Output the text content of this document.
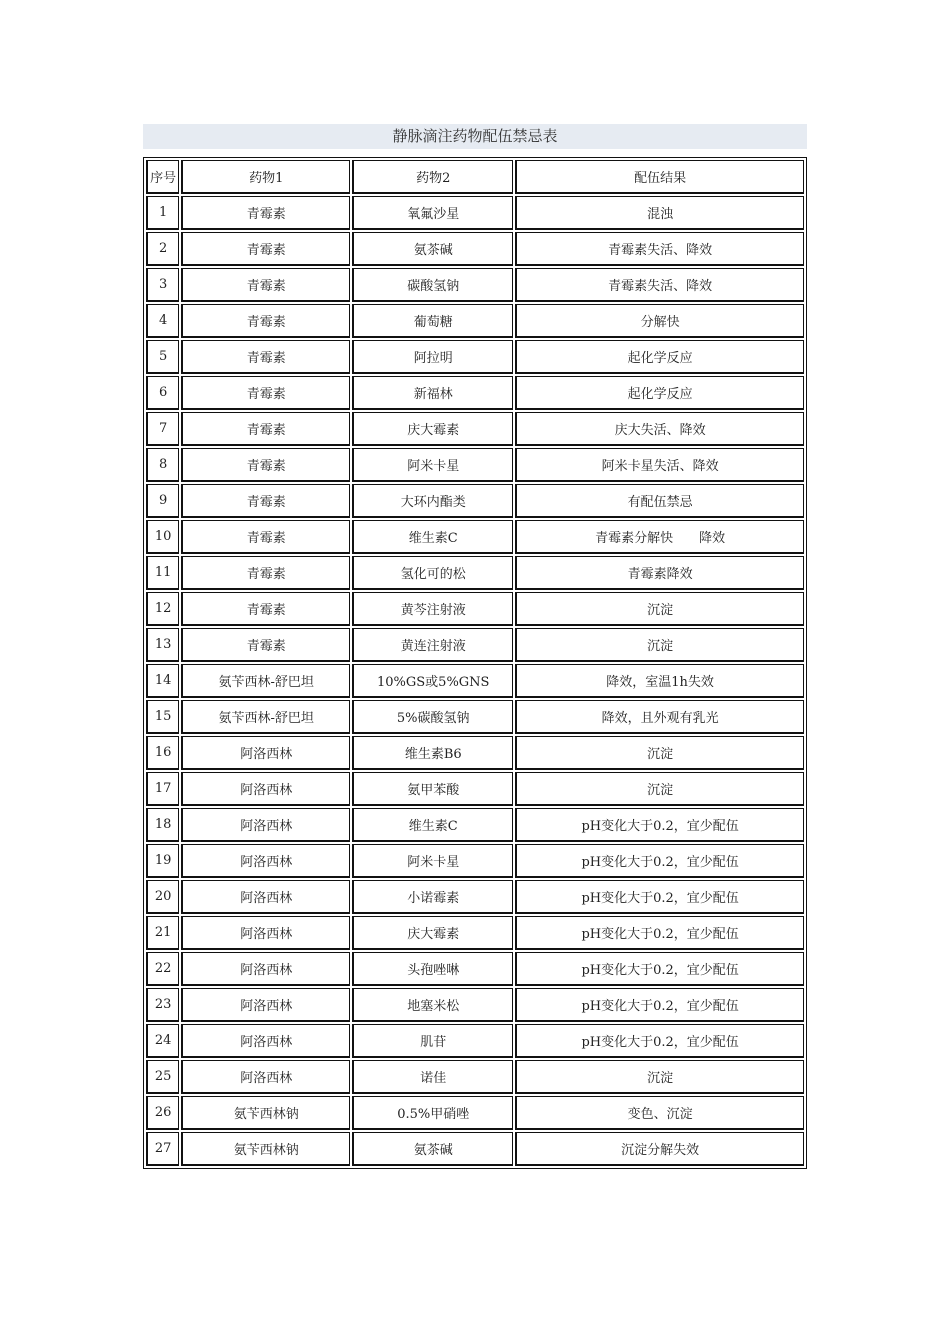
静脉滴注药物配伍禁忌表
序号	药物1	药物2	配伍结果
1	青霉素	氧氟沙星	混浊
2	青霉素	氨茶碱	青霉素失活、降效
3	青霉素	碳酸氢钠	青霉素失活、降效
4	青霉素	葡萄糖	分解快
5	青霉素	阿拉明	起化学反应
6	青霉素	新福林	起化学反应
7	青霉素	庆大霉素	庆大失活、降效
8	青霉素	阿米卡星	阿米卡星失活、降效
9	青霉素	大环内酯类	有配伍禁忌
10	青霉素	维生素C	青霉素分解快　　降效
11	青霉素	氢化可的松	青霉素降效
12	青霉素	黄芩注射液	沉淀
13	青霉素	黄连注射液	沉淀
14	氨苄西林-舒巴坦	10%GS或5%GNS	降效，室温1h失效
15	氨苄西林-舒巴坦	5%碳酸氢钠	降效，且外观有乳光
16	阿洛西林	维生素B6	沉淀
17	阿洛西林	氨甲苯酸	沉淀
18	阿洛西林	维生素C	pH变化大于0.2，宜少配伍
19	阿洛西林	阿米卡星	pH变化大于0.2，宜少配伍
20	阿洛西林	小诺霉素	pH变化大于0.2，宜少配伍
21	阿洛西林	庆大霉素	pH变化大于0.2，宜少配伍
22	阿洛西林	头孢唑啉	pH变化大于0.2，宜少配伍
23	阿洛西林	地塞米松	pH变化大于0.2，宜少配伍
24	阿洛西林	肌苷	pH变化大于0.2，宜少配伍
25	阿洛西林	诺佳	沉淀
26	氨苄西林钠	0.5%甲硝唑	变色、沉淀
27	氨苄西林钠	氨茶碱	沉淀分解失效
